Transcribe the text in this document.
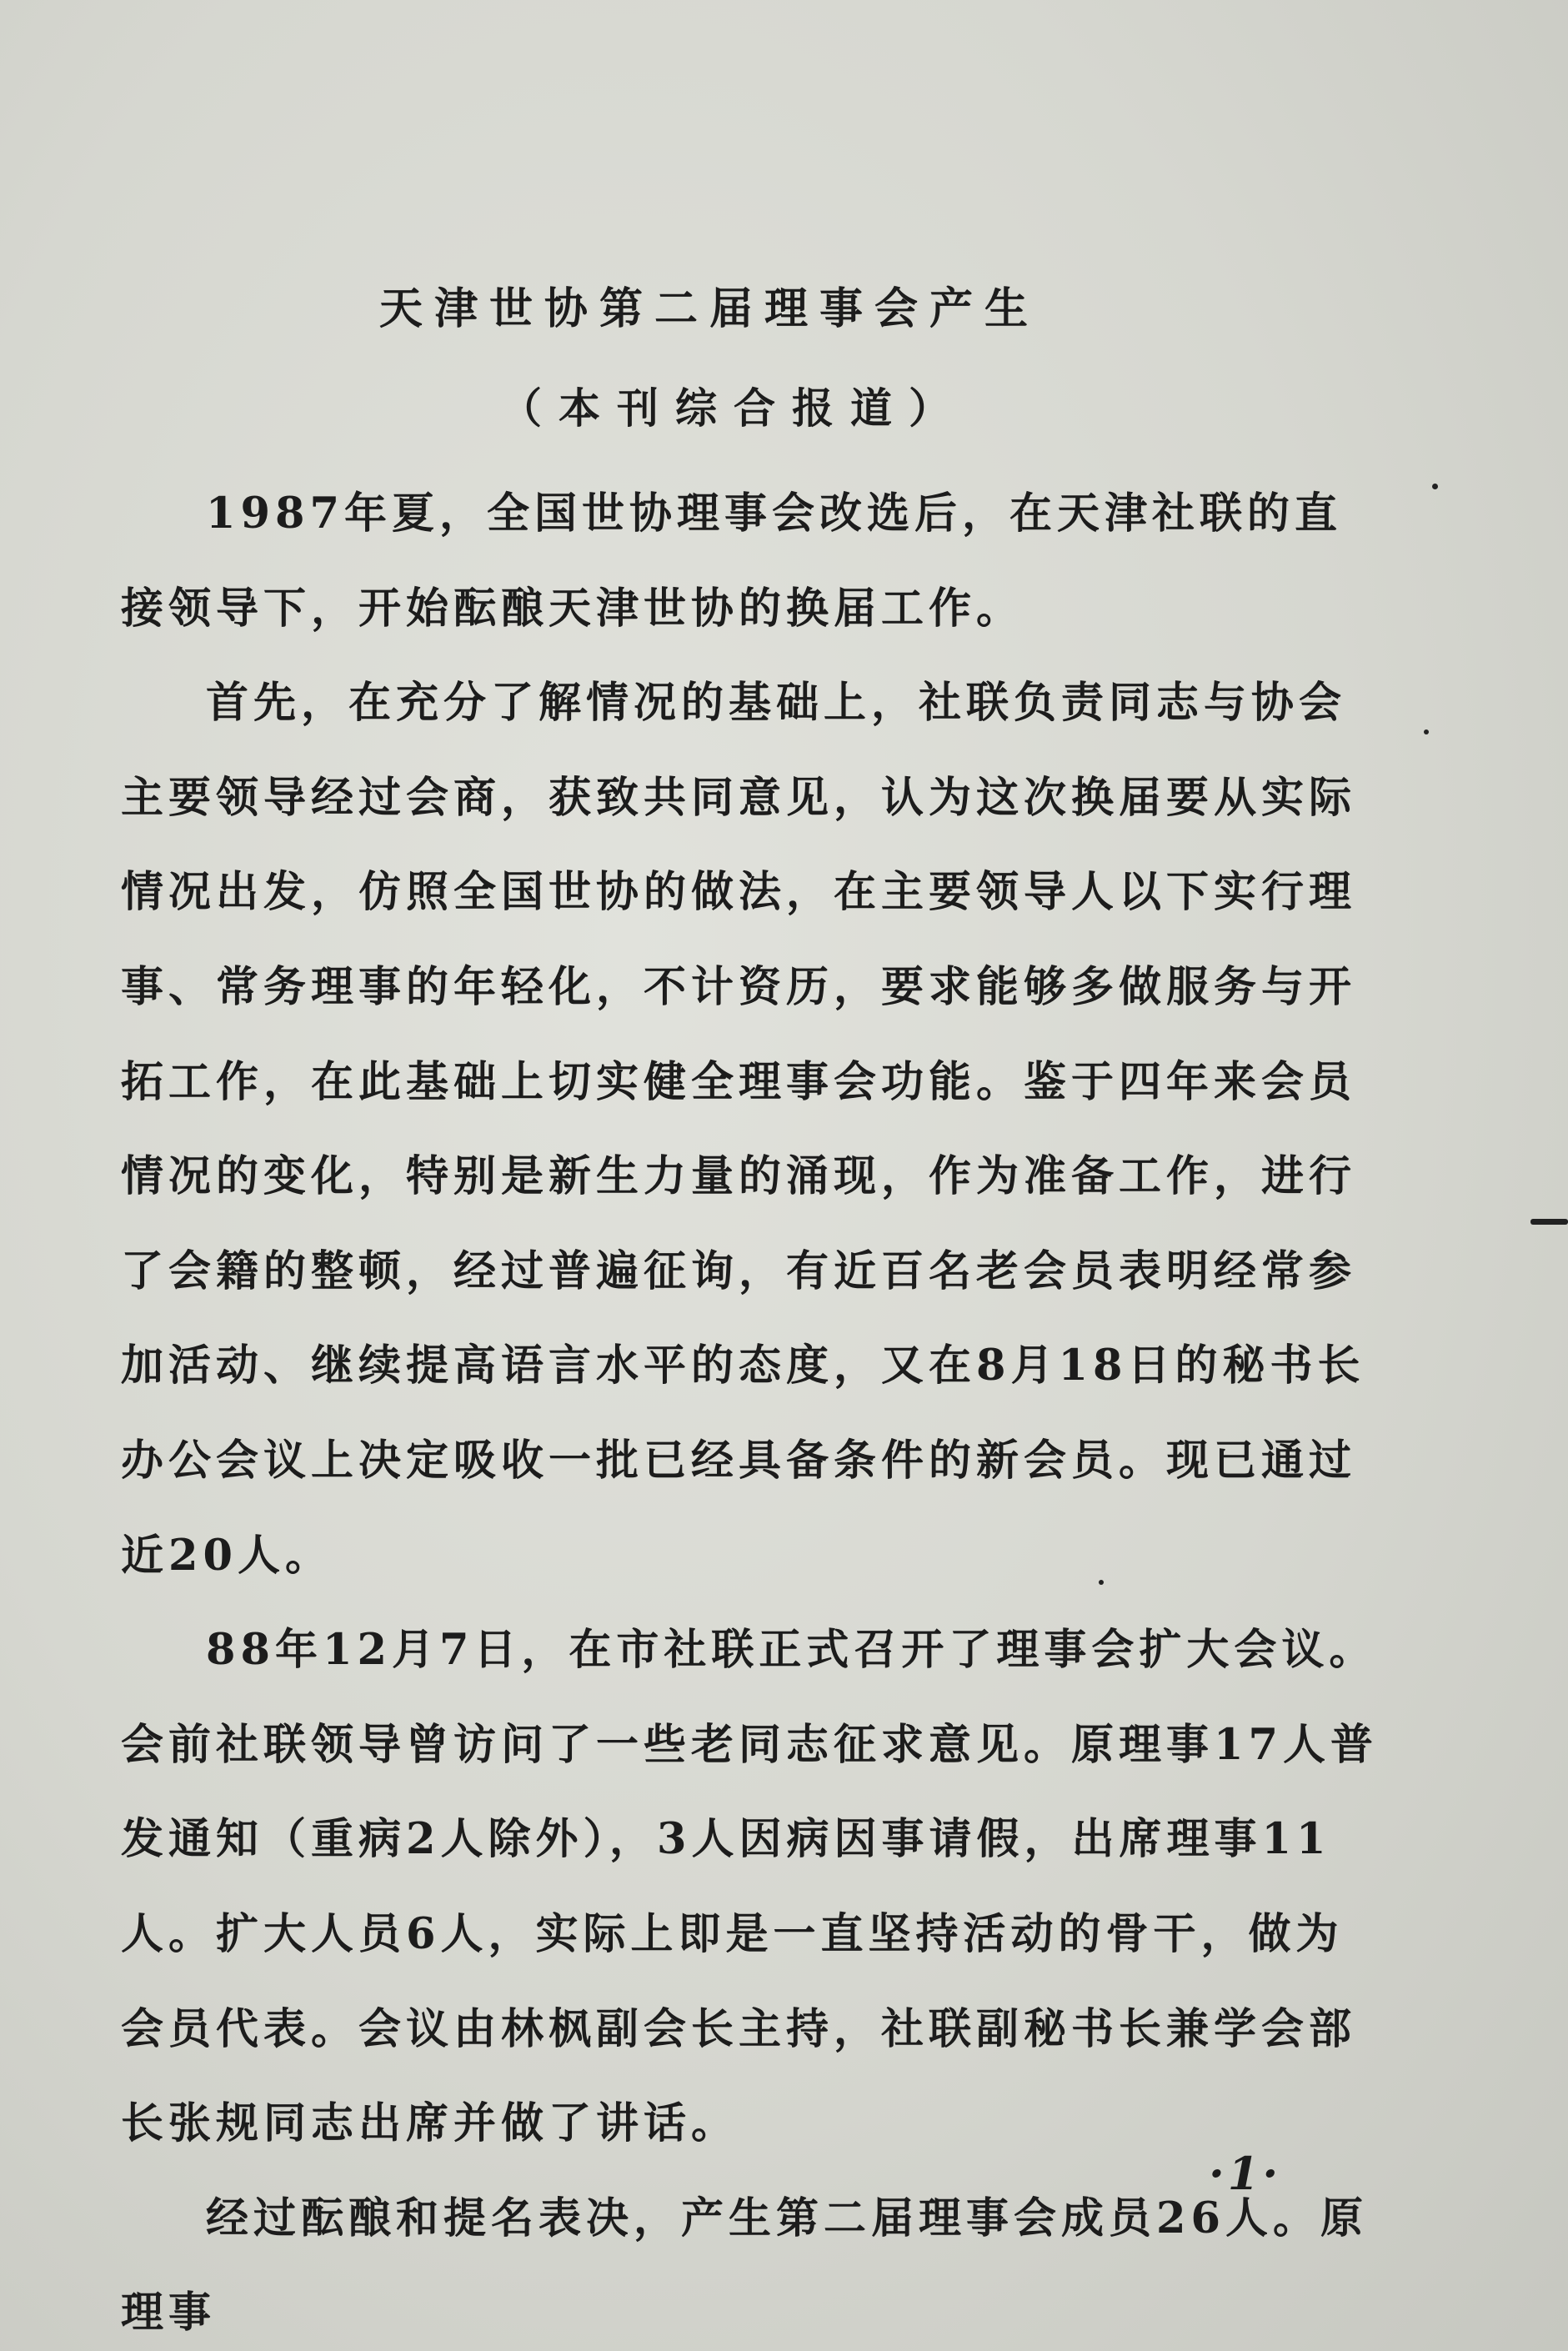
天津世协第二届理事会产生
（本刊综合报道）

1987年夏，全国世协理事会改选后，在天津社联的直接领导下，开始酝酿天津世协的换届工作。

首先，在充分了解情况的基础上，社联负责同志与协会主要领导经过会商，获致共同意见，认为这次换届要从实际情况出发，仿照全国世协的做法，在主要领导人以下实行理事、常务理事的年轻化，不计资历，要求能够多做服务与开拓工作，在此基础上切实健全理事会功能。鉴于四年来会员情况的变化，特别是新生力量的涌现，作为准备工作，进行了会籍的整顿，经过普遍征询，有近百名老会员表明经常参加活动、继续提高语言水平的态度，又在8月18日的秘书长办公会议上决定吸收一批已经具备条件的新会员。现已通过近20人。

88年12月7日，在市社联正式召开了理事会扩大会议。会前社联领导曾访问了一些老同志征求意见。原理事17人普发通知（重病2人除外），3人因病因事请假，出席理事11人。扩大人员6人，实际上即是一直坚持活动的骨干，做为会员代表。会议由林枫副会长主持，社联副秘书长兼学会部长张规同志出席并做了讲话。

经过酝酿和提名表决，产生第二届理事会成员26人。原理事

·1·
